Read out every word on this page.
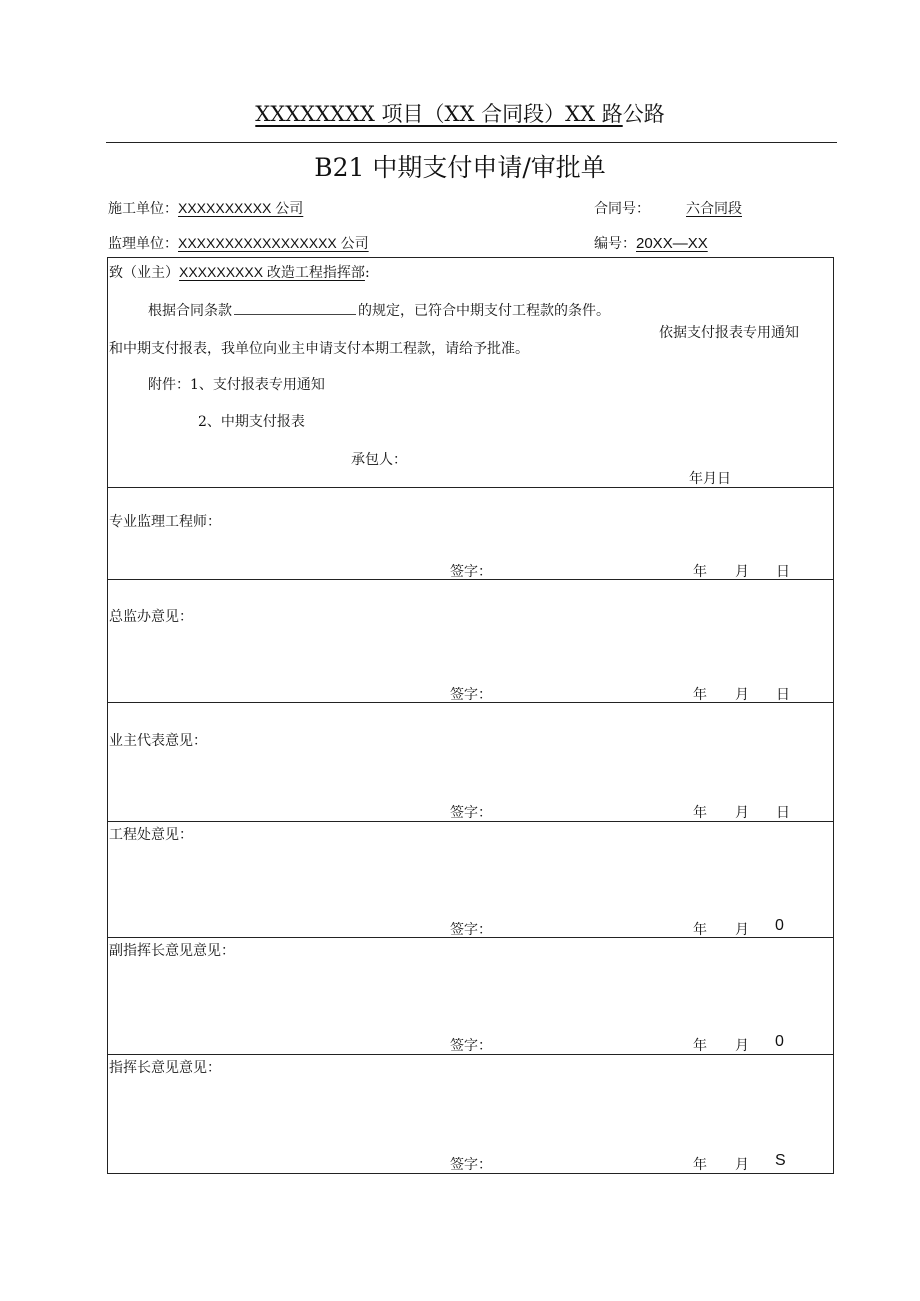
XXXXXXXX 项目（XX 合同段）XX 路公路
B21 中期支付申请/审批单
施工单位：XXXXXXXXXX 公司	合同号：	六合同段
监理单位：XXXXXXXXXXXXXXXXX 公司	编号：20XX—XX
致（业主）XXXXXXXXX 改造工程指挥部:
根据合同条款	的规定，已符合中期支付工程款的条件。
依据支付报表专用通知
和中期支付报表，我单位向业主申请支付本期工程款，请给予批准。
附件：1、支付报表专用通知
2、中期支付报表
承包人：
年月日
专业监理工程师：
签字：	年 月 日
总监办意见：
签字：	年 月 日
业主代表意见：
签字：	年 月 日
工程处意见：
签字：	年 月 0
副指挥长意见意见：
签字：	年 月 0
指挥长意见意见：
签字：	年 月 S
